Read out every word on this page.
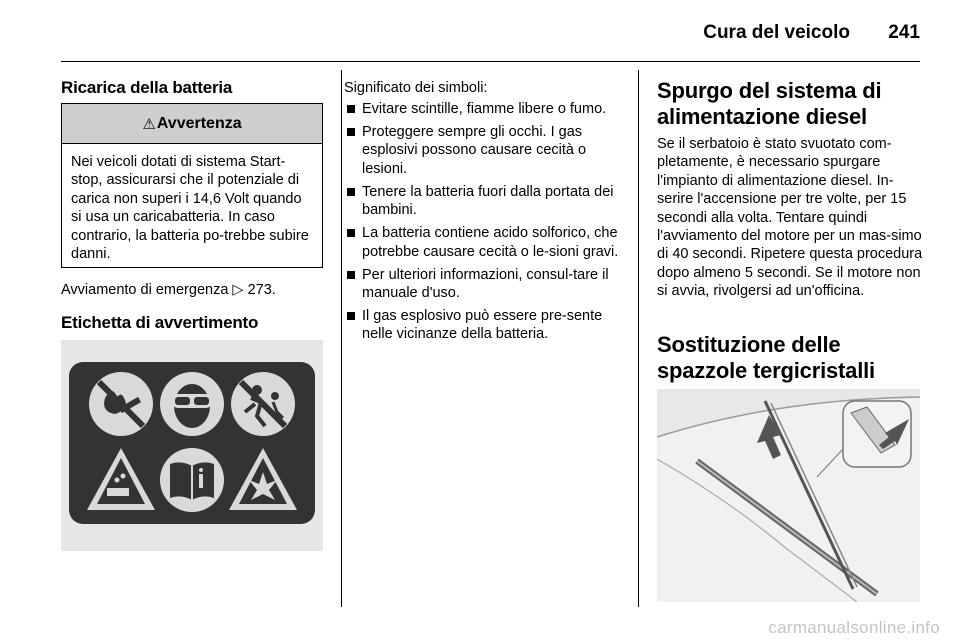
Cura del veicolo 241
Ricarica della batteria
⚠ Avvertenza
Nei veicoli dotati di sistema Start-stop, assicurarsi che il potenziale di carica non superi i 14,6 Volt quando si usa un caricabatteria. In caso contrario, la batteria po-trebbe subire danni.

Avviamento di emergenza ▷ 273.

Etichetta di avvertimento

Significato dei simboli:

Evitare scintille, fiamme libere o fumo.
Proteggere sempre gli occhi. I gas esplosivi possono causare cecità o lesioni.
Tenere la batteria fuori dalla portata dei bambini.
La batteria contiene acido solforico, che potrebbe causare cecità o le-sioni gravi.
Per ulteriori informazioni, consul-tare il manuale d'uso.
Il gas esplosivo può essere pre-sente nelle vicinanze della batteria.
Spurgo del sistema di alimentazione diesel

Se il serbatoio è stato svuotato com-pletamente, è necessario spurgare l'impianto di alimentazione diesel. In-serire l'accensione per tre volte, per 15 secondi alla volta. Tentare quindi l'avviamento del motore per un mas-simo di 40 secondi. Ripetere questa procedura dopo almeno 5 secondi. Se il motore non si avvia, rivolgersi ad un'officina.

Sostituzione delle spazzole tergicristalli
carmanualsonline.info
